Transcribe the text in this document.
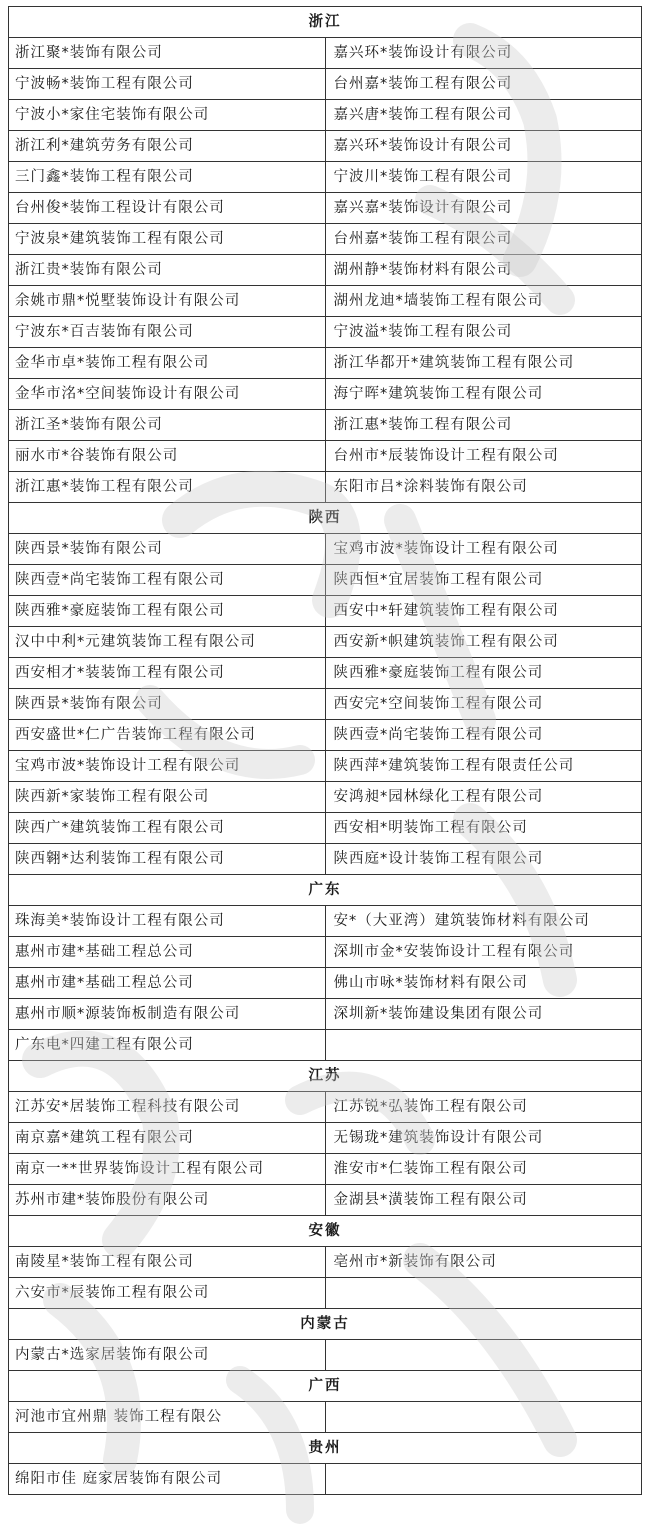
浙江	
浙江聚*装饰有限公司	嘉兴环*装饰设计有限公司
宁波畅*装饰工程有限公司	台州嘉*装饰工程有限公司
宁波小*家住宅装饰有限公司	嘉兴唐*装饰工程有限公司
浙江利*建筑劳务有限公司	嘉兴环*装饰设计有限公司
三门鑫*装饰工程有限公司	宁波川*装饰工程有限公司
台州俊*装饰工程设计有限公司	嘉兴嘉*装饰设计有限公司
宁波泉*建筑装饰工程有限公司	台州嘉*装饰工程有限公司
浙江贵*装饰有限公司	湖州静*装饰材料有限公司
余姚市鼎*悦墅装饰设计有限公司	湖州龙迪*墙装饰工程有限公司
宁波东*百吉装饰有限公司	宁波溢*装饰工程有限公司
金华市卓*装饰工程有限公司	浙江华都开*建筑装饰工程有限公司
金华市洺*空间装饰设计有限公司	海宁晖*建筑装饰工程有限公司
浙江圣*装饰有限公司	浙江惠*装饰工程有限公司
丽水市*谷装饰有限公司	台州市*辰装饰设计工程有限公司
浙江惠*装饰工程有限公司	东阳市吕*涂料装饰有限公司
陕西	
陕西景*装饰有限公司	宝鸡市波*装饰设计工程有限公司
陕西壹*尚宅装饰工程有限公司	陕西恒*宜居装饰工程有限公司
陕西雅*豪庭装饰工程有限公司	西安中*轩建筑装饰工程有限公司
汉中中利*元建筑装饰工程有限公司	西安新*帜建筑装饰工程有限公司
西安相才*装装饰工程有限公司	陕西雅*豪庭装饰工程有限公司
陕西景*装饰有限公司	西安完*空间装饰工程有限公司
西安盛世*仁广告装饰工程有限公司	陕西壹*尚宅装饰工程有限公司
宝鸡市波*装饰设计工程有限公司	陕西萍*建筑装饰工程有限责任公司
陕西新*家装饰工程有限公司	安鸿昶*园林绿化工程有限公司
陕西广*建筑装饰工程有限公司	西安相*明装饰工程有限公司
陕西翱*达利装饰工程有限公司	陕西庭*设计装饰工程有限公司
广东	
珠海美*装饰设计工程有限公司	安*（大亚湾）建筑装饰材料有限公司
惠州市建*基础工程总公司	深圳市金*安装饰设计工程有限公司
惠州市建*基础工程总公司	佛山市咏*装饰材料有限公司
惠州市顺*源装饰板制造有限公司	深圳新*装饰建设集团有限公司
广东电*四建工程有限公司	
江苏	
江苏安*居装饰工程科技有限公司	江苏锐*弘装饰工程有限公司
南京嘉*建筑工程有限公司	无锡珑*建筑装饰设计有限公司
南京一**世界装饰设计工程有限公司	淮安市*仁装饰工程有限公司
苏州市建*装饰股份有限公司	金湖县*潢装饰工程有限公司
安徽	
南陵星*装饰工程有限公司	亳州市*新装饰有限公司
六安市*辰装饰工程有限公司	
内蒙古	
内蒙古*选家居装饰有限公司	
广西	
河池市宜州鼎 装饰工程有限公	
贵州	
绵阳市佳 庭家居装饰有限公司	
